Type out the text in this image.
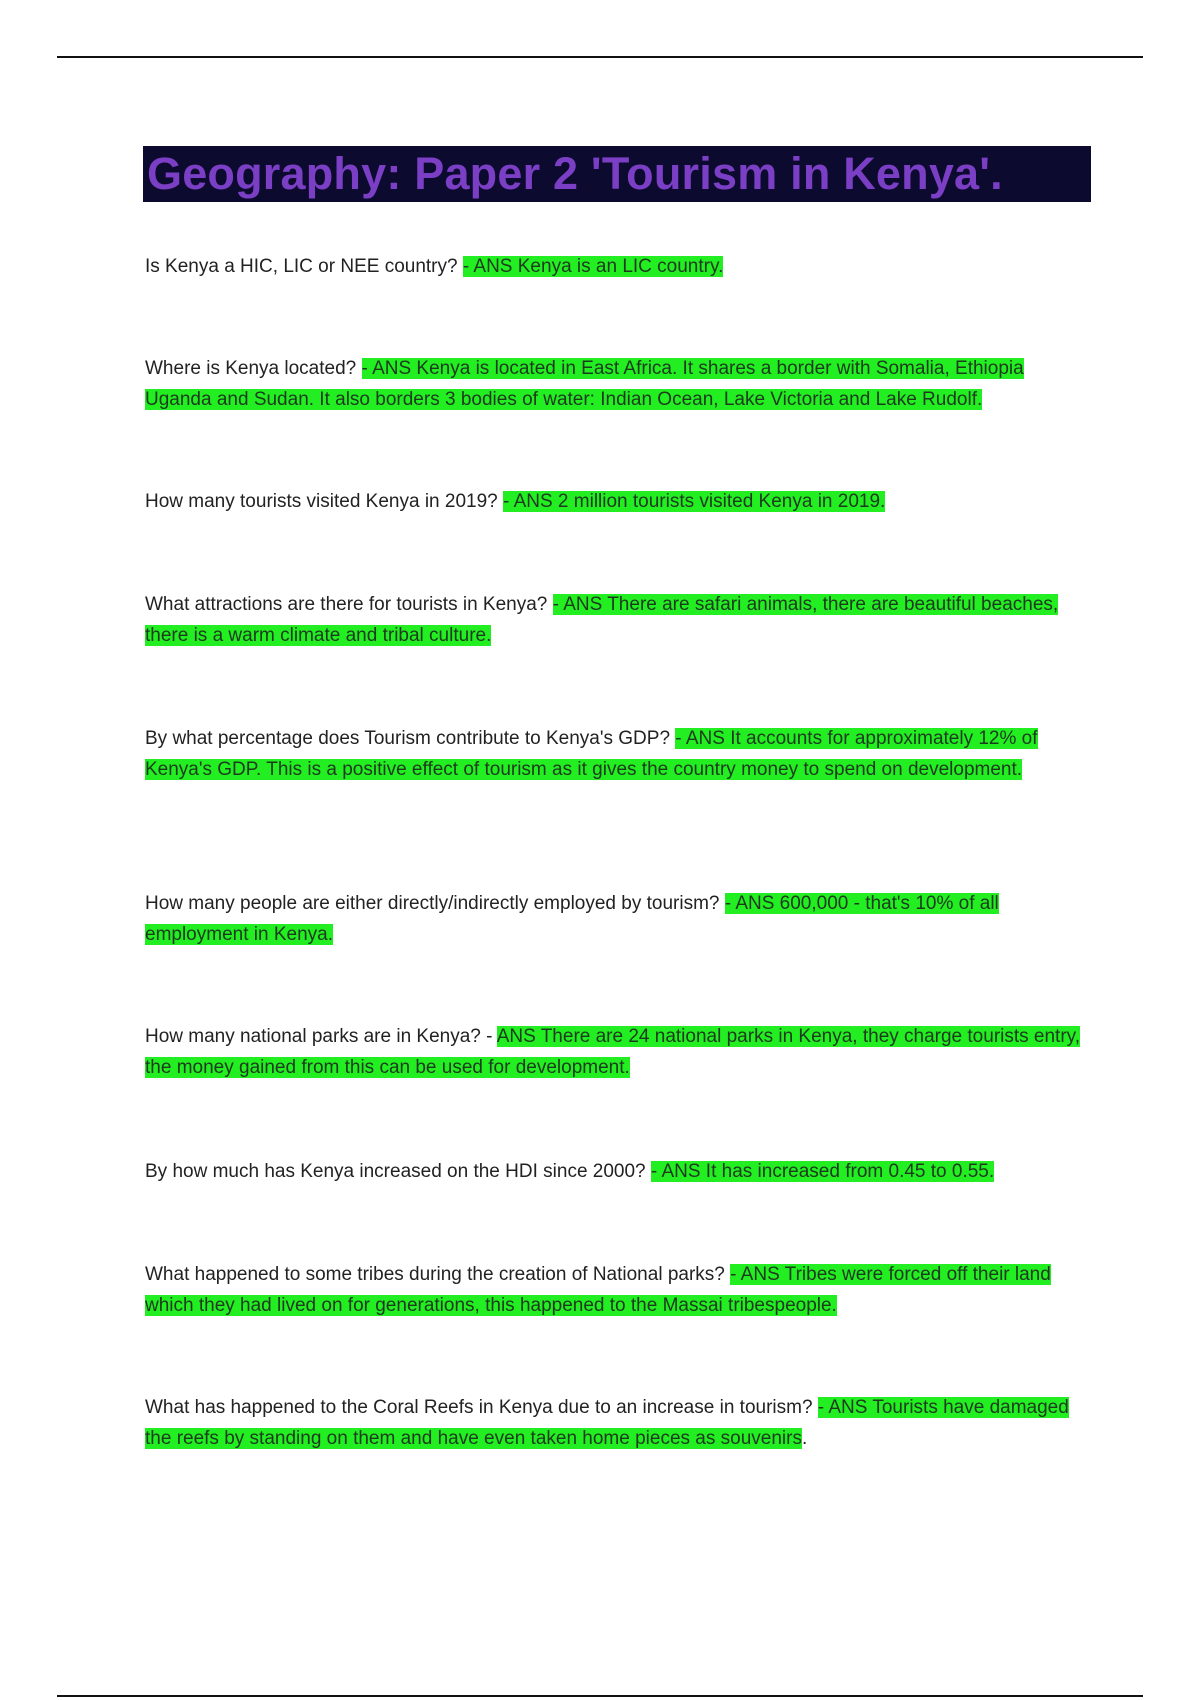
Geography: Paper 2 'Tourism in Kenya'.
Is Kenya a HIC, LIC or NEE country? - ANS Kenya is an LIC country.
Where is Kenya located? - ANS Kenya is located in East Africa. It shares a border with Somalia, Ethiopia Uganda and Sudan. It also borders 3 bodies of water: Indian Ocean, Lake Victoria and Lake Rudolf.
How many tourists visited Kenya in 2019? - ANS 2 million tourists visited Kenya in 2019.
What attractions are there for tourists in Kenya? - ANS There are safari animals, there are beautiful beaches, there is a warm climate and tribal culture.
By what percentage does Tourism contribute to Kenya's GDP? - ANS It accounts for approximately 12% of Kenya's GDP. This is a positive effect of tourism as it gives the country money to spend on development.
How many people are either directly/indirectly employed by tourism? - ANS 600,000 - that's 10% of all employment in Kenya.
How many national parks are in Kenya? - ANS There are 24 national parks in Kenya, they charge tourists entry, the money gained from this can be used for development.
By how much has Kenya increased on the HDI since 2000? - ANS It has increased from 0.45 to 0.55.
What happened to some tribes during the creation of National parks? - ANS Tribes were forced off their land which they had lived on for generations, this happened to the Massai tribespeople.
What has happened to the Coral Reefs in Kenya due to an increase in tourism? - ANS Tourists have damaged the reefs by standing on them and have even taken home pieces as souvenirs.
